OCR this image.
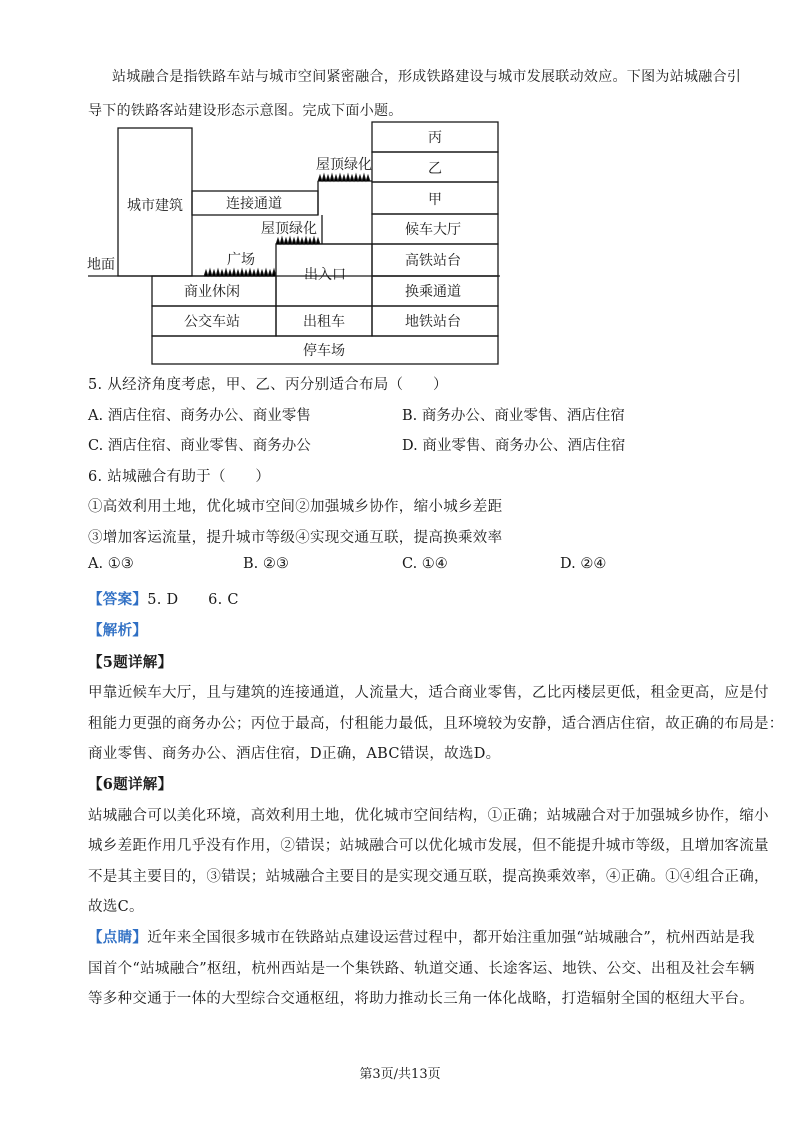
站城融合是指铁路车站与城市空间紧密融合，形成铁路建设与城市发展联动效应。下图为站城融合引
导下的铁路客站建设形态示意图。完成下面小题。
地面
城市建筑	连接通道
屋顶绿化
屋顶绿化
广场
丙
乙
甲
候车大厅
高铁站台
出入口
换乘通道
商业休闲
公交车站	出租车	地铁站台
停车场
5. 从经济角度考虑，甲、乙、丙分别适合布局（　　）
A. 酒店住宿、商务办公、商业零售	B. 商务办公、商业零售、酒店住宿
C. 酒店住宿、商业零售、商务办公	D. 商业零售、商务办公、酒店住宿
6. 站城融合有助于（　　）
①高效利用土地，优化城市空间②加强城乡协作，缩小城乡差距
③增加客运流量，提升城市等级④实现交通互联，提高换乘效率
A. ①③	B. ②③	C. ①④	D. ②④
【答案】5. D　　6. C
【解析】
【5题详解】
甲靠近候车大厅，且与建筑的连接通道，人流量大，适合商业零售，乙比丙楼层更低，租金更高，应是付
租能力更强的商务办公；丙位于最高，付租能力最低，且环境较为安静，适合酒店住宿，故正确的布局是：
商业零售、商务办公、酒店住宿，D正确，ABC错误，故选D。
【6题详解】
站城融合可以美化环境，高效利用土地，优化城市空间结构，①正确；站城融合对于加强城乡协作，缩小
城乡差距作用几乎没有作用，②错误；站城融合可以优化城市发展，但不能提升城市等级，且增加客流量
不是其主要目的，③错误；站城融合主要目的是实现交通互联，提高换乘效率，④正确。①④组合正确，
故选C。
【点睛】近年来全国很多城市在铁路站点建设运营过程中，都开始注重加强“站城融合”，杭州西站是我
国首个“站城融合”枢纽，杭州西站是一个集铁路、轨道交通、长途客运、地铁、公交、出租及社会车辆
等多种交通于一体的大型综合交通枢纽，将助力推动长三角一体化战略，打造辐射全国的枢纽大平台。
第3页/共13页
